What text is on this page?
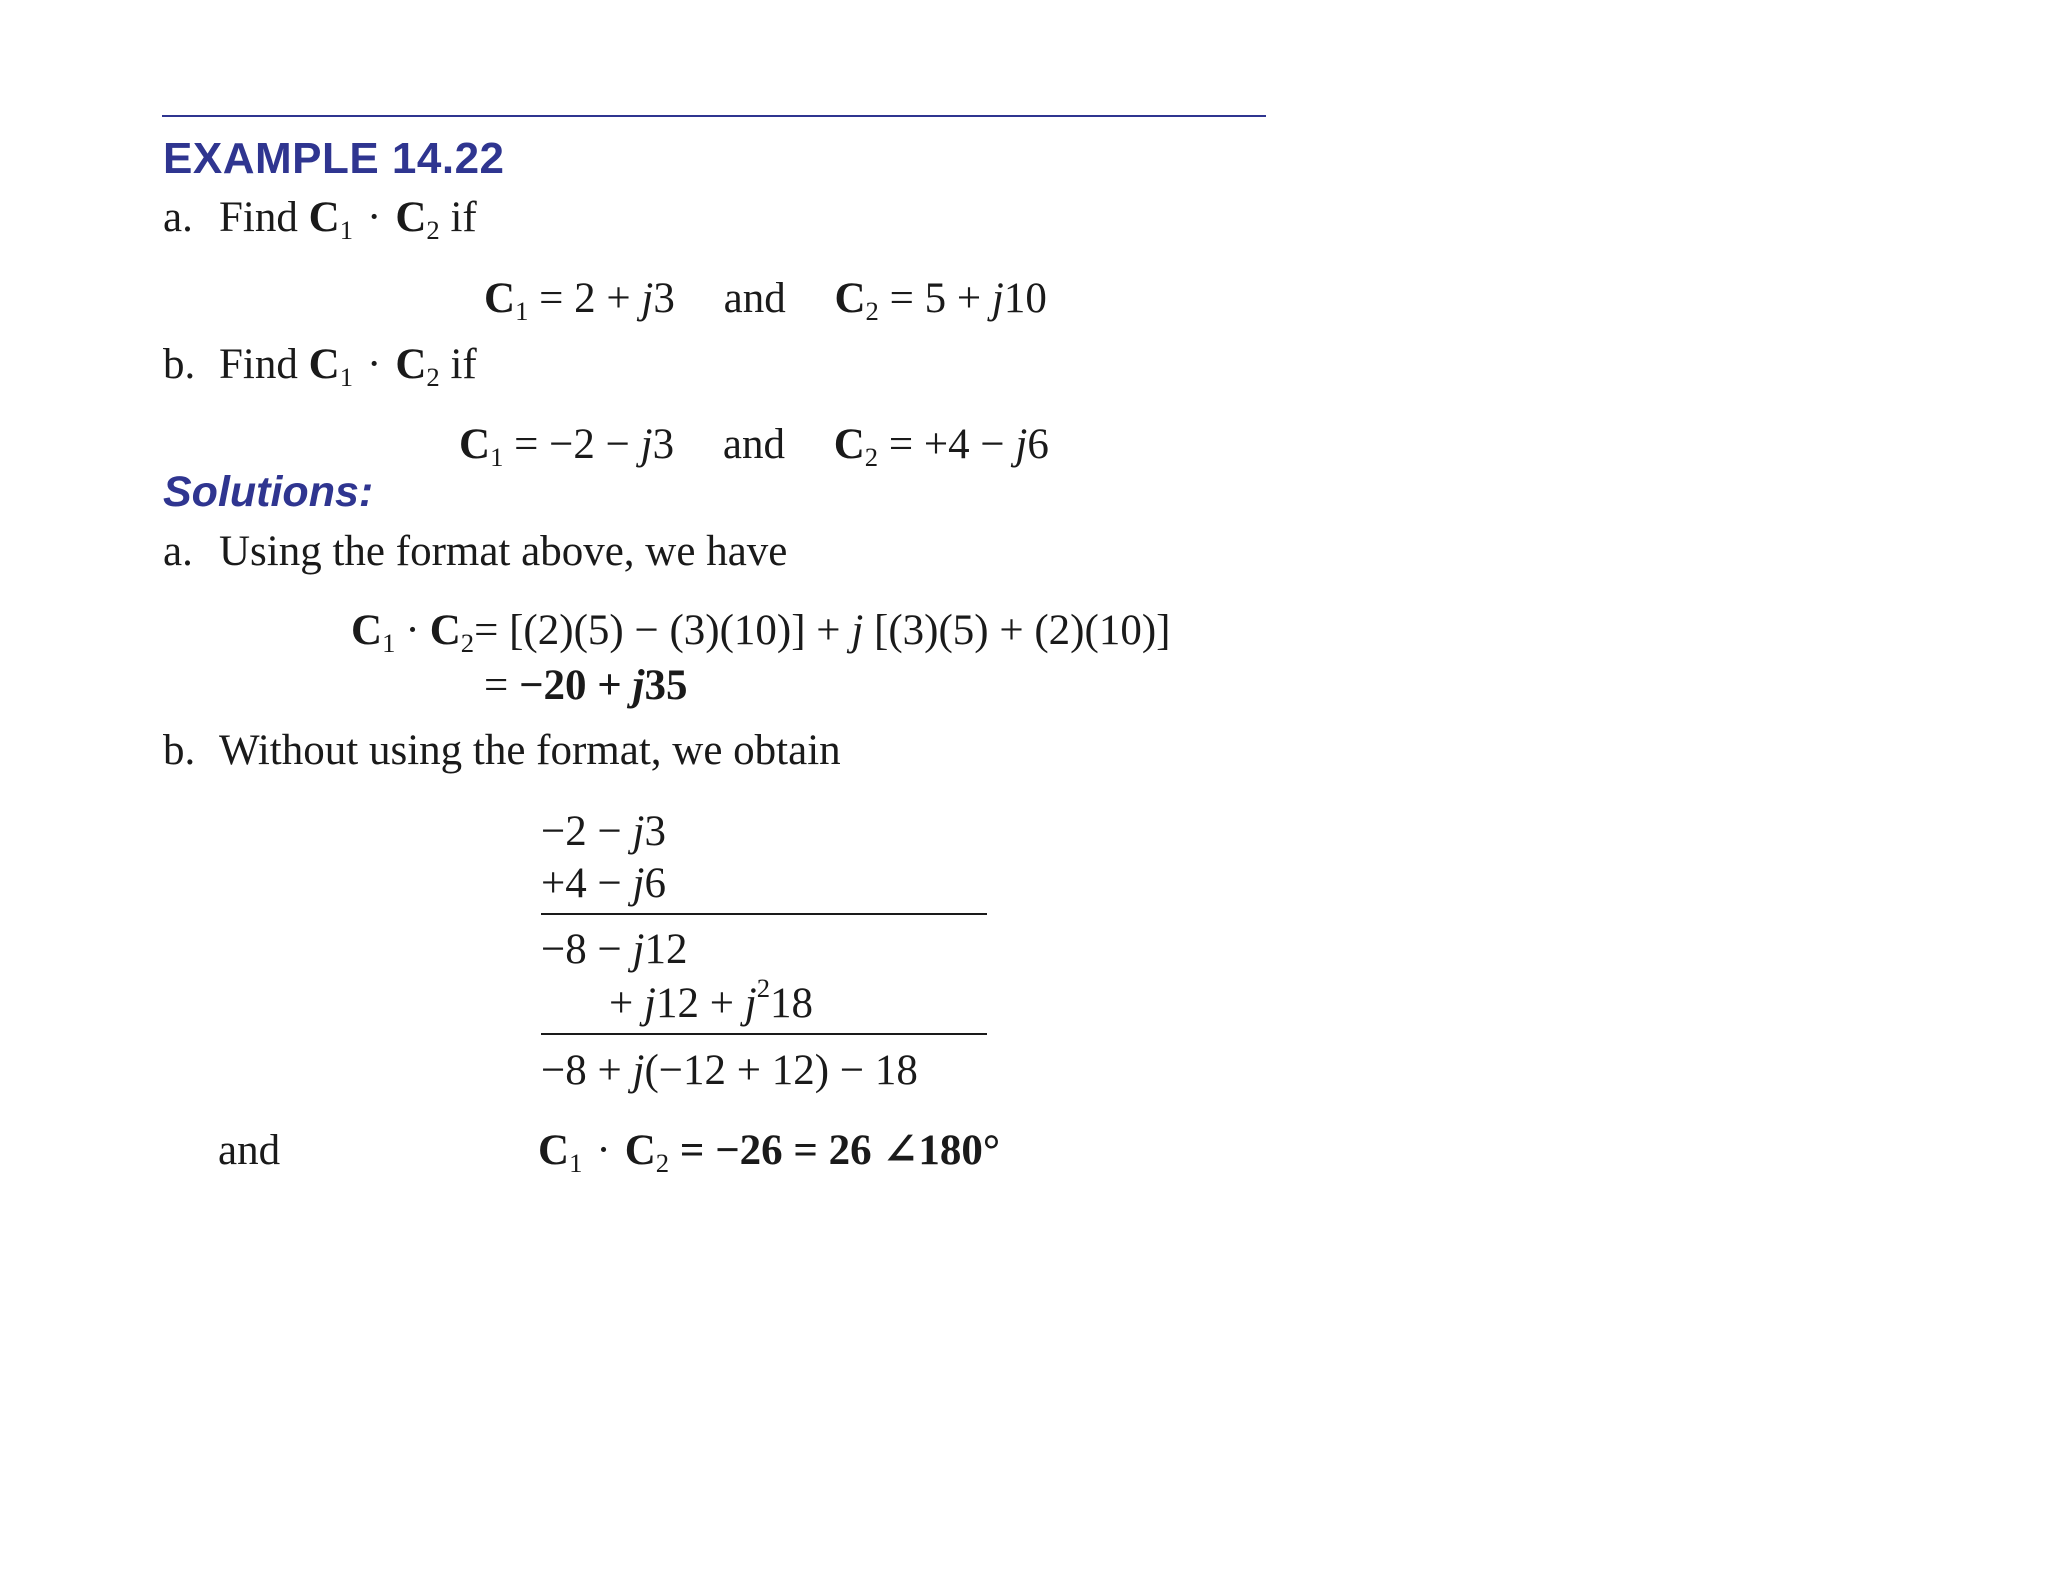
EXAMPLE 14.22
a. Find $C_1 \cdot C_2$ if
$C_1 = 2 + j3$ and $C_2 = 5 + j10$
b. Find $C_1 \cdot C_2$ if
$C_1 = -2 - j3$ and $C_2 = +4 - j6$
Solutions:
a. Using the format above, we have
$C_1 \cdot C_2= [(2)(5) - (3)(10)] + j$ [(3)(5) + (2)(10)]
= −20 + j35
b. Without using the format, we obtain
−2 − j3
+4 − j6
−8 − j12
+ $j12 + j^218$
−8 + j(−12 + 12) − 18
and	$C_1 \cdot C_2 = -26 = 26$ ∠180°
